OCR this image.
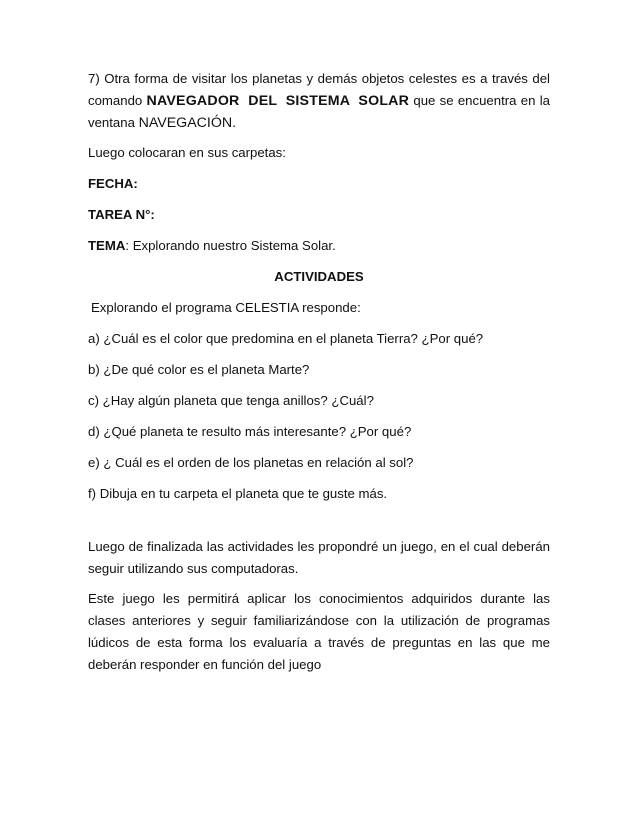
7) Otra forma de visitar los planetas y demás objetos celestes es a través del comando NAVEGADOR DEL SISTEMA SOLAR que se encuentra en la ventana NAVEGACIÓN.

Luego colocaran en sus carpetas:

FECHA:

TAREA N°:

TEMA: Explorando nuestro Sistema Solar.

ACTIVIDADES

Explorando el programa CELESTIA responde:

a) ¿Cuál es el color que predomina en el planeta Tierra? ¿Por qué?

b) ¿De qué color es el planeta Marte?

c) ¿Hay algún planeta que tenga anillos? ¿Cuál?

d) ¿Qué planeta te resulto más interesante? ¿Por qué?

e) ¿ Cuál es el orden de los planetas en relación al sol?

f) Dibuja en tu carpeta el planeta que te guste más.

Luego de finalizada las actividades les propondré un juego, en el cual deberán seguir utilizando sus computadoras.

Este juego les permitirá aplicar los conocimientos adquiridos durante las clases anteriores y seguir familiarizándose con la utilización de programas lúdicos de esta forma los evaluaría a través de preguntas en las que me deberán responder en función del juego
